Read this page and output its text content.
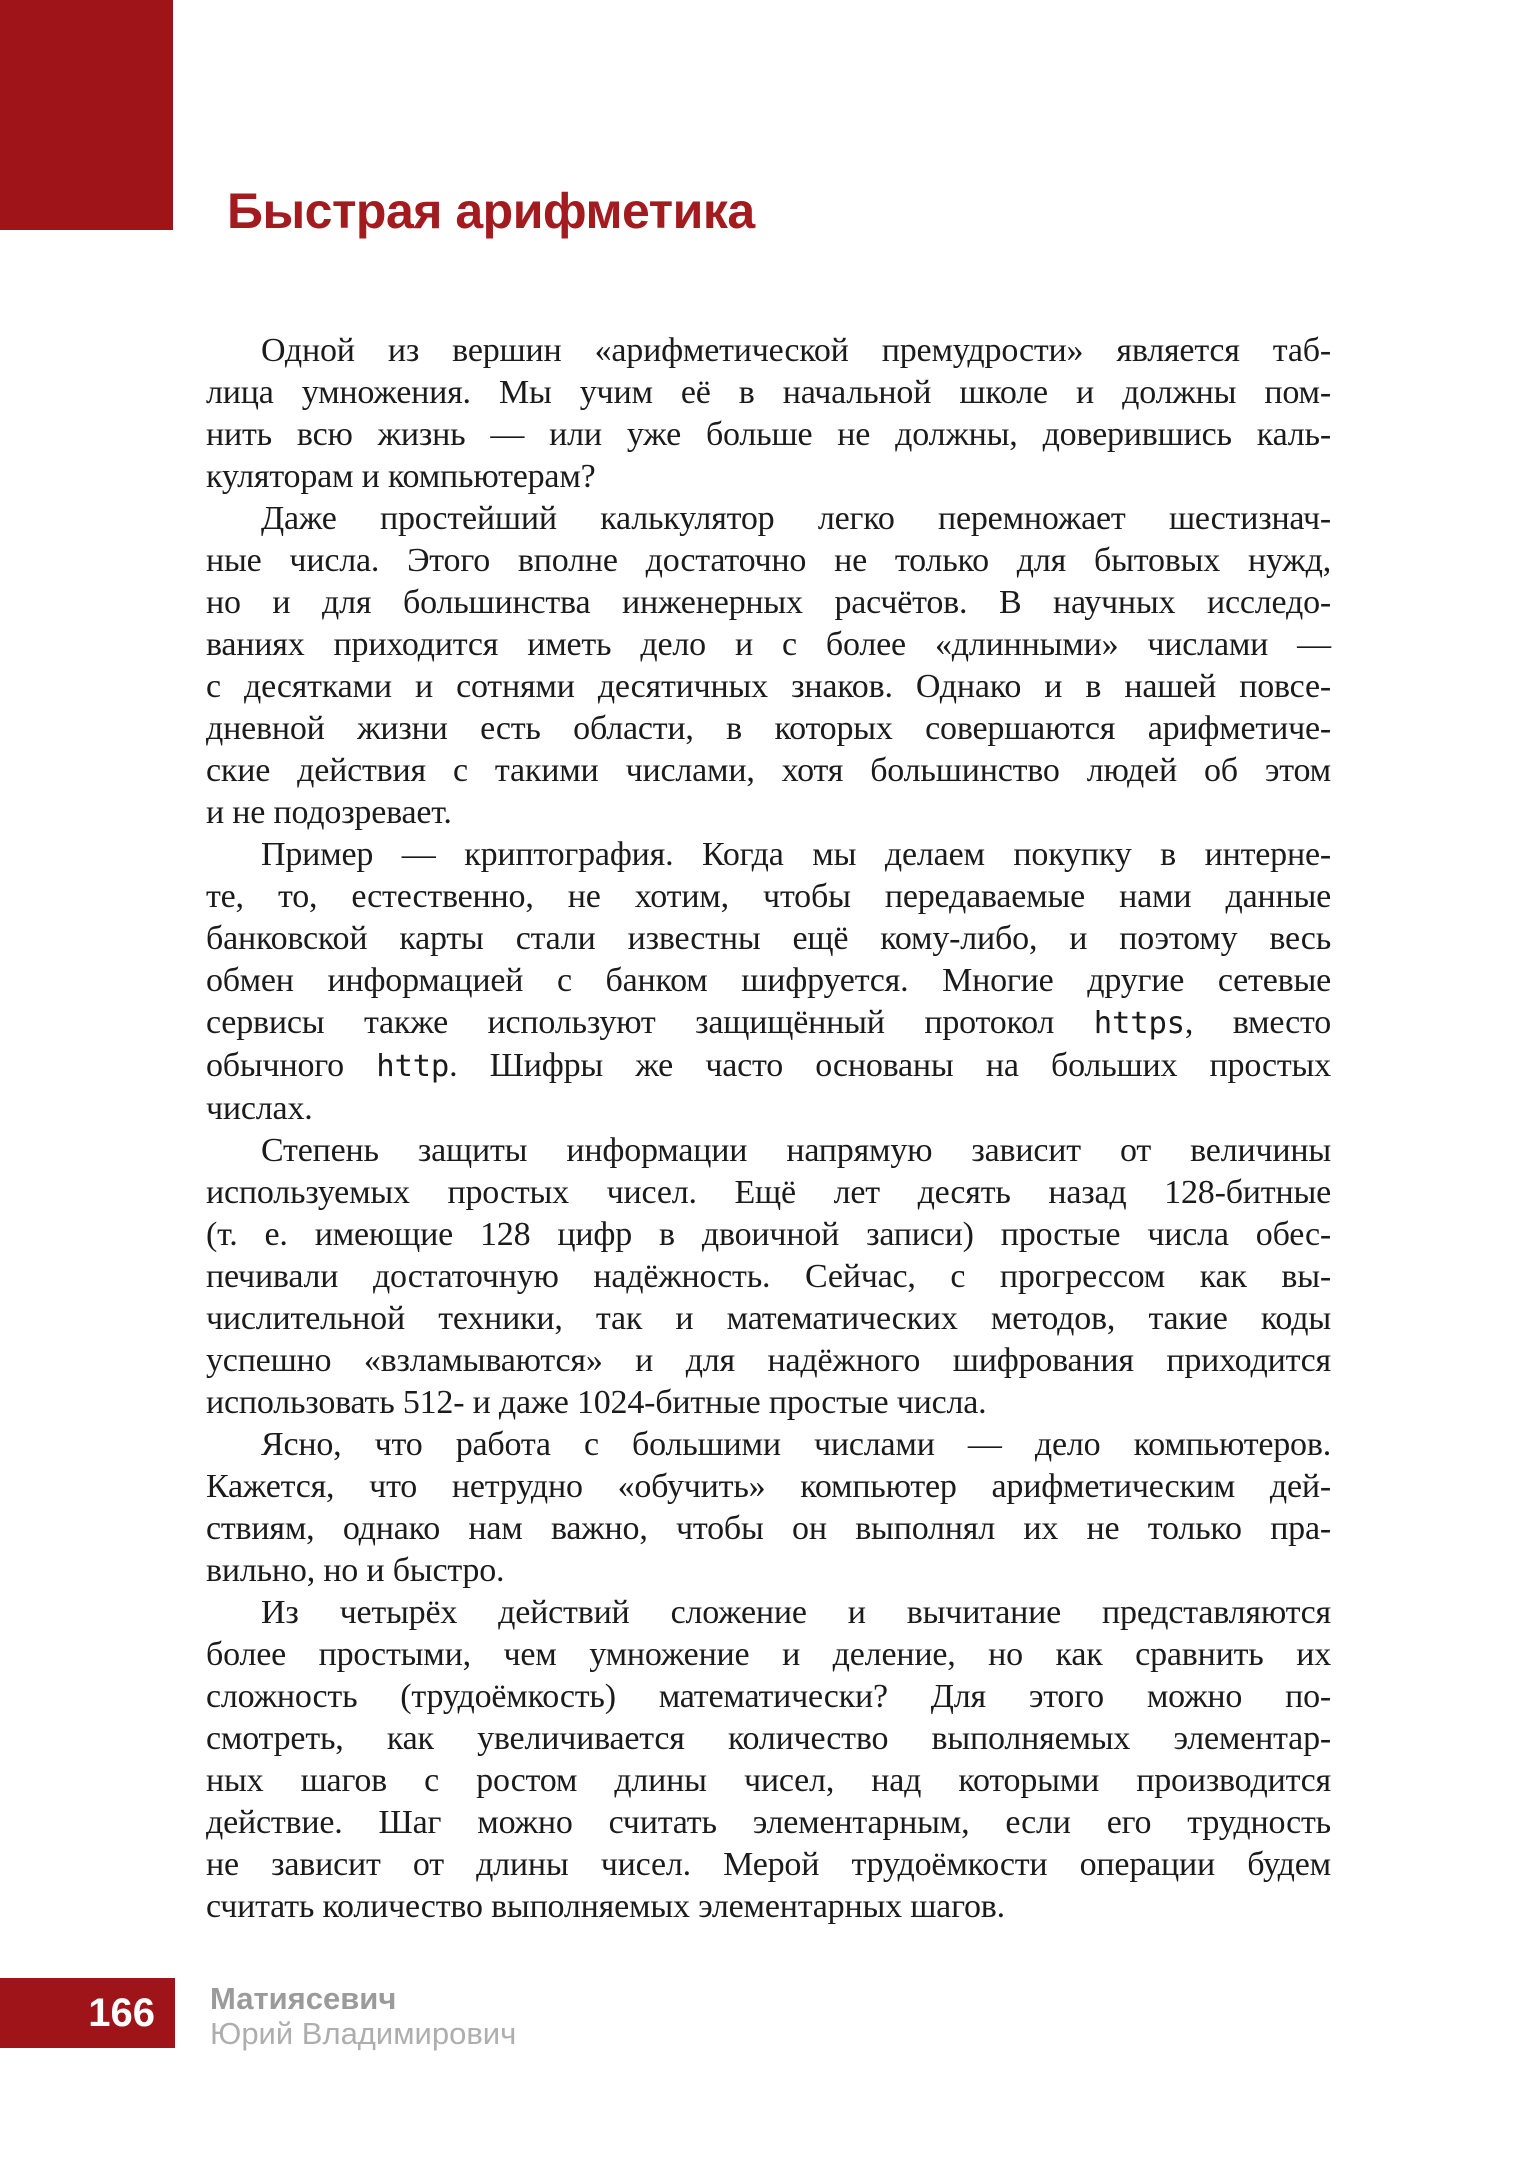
Быстрая арифметика
Одной из вершин «арифметической премудрости» является таб-
лица умножения. Мы учим её в начальной школе и должны пом-
нить всю жизнь — или уже больше не должны, доверившись каль-
куляторам и компьютерам?
Даже простейший калькулятор легко перемножает шестизнач-
ные числа. Этого вполне достаточно не только для бытовых нужд,
но и для большинства инженерных расчётов. В научных исследо-
ваниях приходится иметь дело и с более «длинными» числами —
с десятками и сотнями десятичных знаков. Однако и в нашей повсе-
дневной жизни есть области, в которых совершаются арифметиче-
ские действия с такими числами, хотя большинство людей об этом
и не подозревает.
Пример — криптография. Когда мы делаем покупку в интерне-
те, то, естественно, не хотим, чтобы передаваемые нами данные
банковской карты стали известны ещё кому-либо, и поэтому весь
обмен информацией с банком шифруется. Многие другие сетевые
сервисы также используют защищённый протокол https, вместо
обычного http. Шифры же часто основаны на больших простых
числах.
Степень защиты информации напрямую зависит от величины
используемых простых чисел. Ещё лет десять назад 128-битные
(т. е. имеющие 128 цифр в двоичной записи) простые числа обес-
печивали достаточную надёжность. Сейчас, с прогрессом как вы-
числительной техники, так и математических методов, такие коды
успешно «взламываются» и для надёжного шифрования приходится
использовать 512- и даже 1024-битные простые числа.
Ясно, что работа с большими числами — дело компьютеров.
Кажется, что нетрудно «обучить» компьютер арифметическим дей-
ствиям, однако нам важно, чтобы он выполнял их не только пра-
вильно, но и быстро.
Из четырёх действий сложение и вычитание представляются
более простыми, чем умножение и деление, но как сравнить их
сложность (трудоёмкость) математически? Для этого можно по-
смотреть, как увеличивается количество выполняемых элементар-
ных шагов с ростом длины чисел, над которыми производится
действие. Шаг можно считать элементарным, если его трудность
не зависит от длины чисел. Мерой трудоёмкости операции будем
считать количество выполняемых элементарных шагов.
166 Матиясевич
Юрий Владимирович
